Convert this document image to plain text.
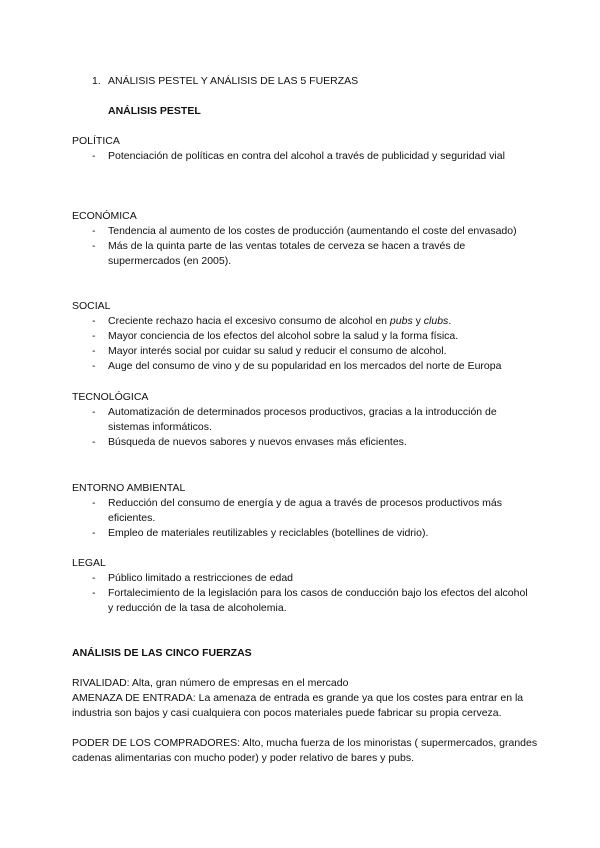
1. ANÁLISIS PESTEL Y ANÁLISIS DE LAS 5 FUERZAS
ANÁLISIS PESTEL
POLÍTICA
- Potenciación de políticas en contra del alcohol a través de publicidad y seguridad vial
ECONÓMICA
- Tendencia al aumento de los costes de producción (aumentando el coste del envasado)
- Más de la quinta parte de las ventas totales de cerveza se hacen a través de supermercados (en 2005).
SOCIAL
- Creciente rechazo hacia el excesivo consumo de alcohol en pubs y clubs.
- Mayor conciencia de los efectos del alcohol sobre la salud y la forma física.
- Mayor interés social por cuidar su salud y reducir el consumo de alcohol.
- Auge del consumo de vino y de su popularidad en los mercados del norte de Europa
TECNOLÓGICA
- Automatización de determinados procesos productivos, gracias a la introducción de sistemas informáticos.
- Búsqueda de nuevos sabores y nuevos envases más eficientes.
ENTORNO AMBIENTAL
- Reducción del consumo de energía y de agua a través de procesos productivos más eficientes.
- Empleo de materiales reutilizables y reciclables (botellines de vidrio).
LEGAL
- Público limitado a restricciones de edad
- Fortalecimiento de la legislación para los casos de conducción bajo los efectos del alcohol y reducción de la tasa de alcoholemia.
ANÁLISIS DE LAS CINCO FUERZAS

RIVALIDAD: Alta, gran número de empresas en el mercado

AMENAZA DE ENTRADA: La amenaza de entrada es grande ya que los costes para entrar en la industria son bajos y casi cualquiera con pocos materiales puede fabricar su propia cerveza.

PODER DE LOS COMPRADORES: Alto, mucha fuerza de los minoristas ( supermercados, grandes cadenas alimentarias con mucho poder) y poder relativo de bares y pubs.
